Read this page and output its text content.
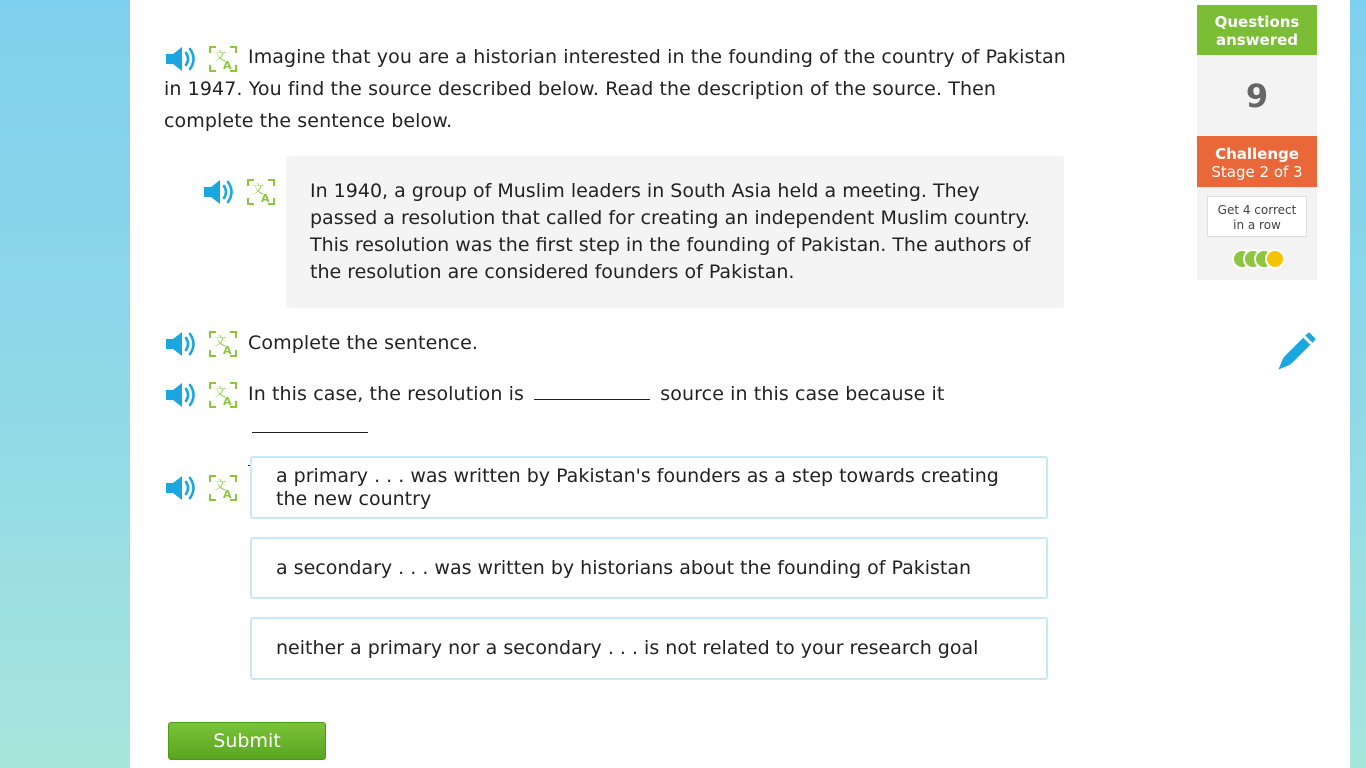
文
A Imagine that you are a historian interested in the founding of the country of Pakistan in 1947. You find the source described below. Read the description of the source. Then complete the sentence below.
文
A	In 1940, a group of Muslim leaders in South Asia held a meeting. They passed a resolution that called for creating an independent Muslim country. This resolution was the first step in the founding of Pakistan. The authors of the resolution are considered founders of Pakistan.
文
A Complete the sentence.
文
A In this case, the resolution is	source in this case because it

文
A
a primary . . . was written by Pakistan's founders as a step towards creating the new country
a secondary . . . was written by historians about the founding of Pakistan
neither a primary nor a secondary . . . is not related to your research goal
Submit
Questions
answered
9
Challenge
Stage 2 of 3
Get 4 correct
in a row
